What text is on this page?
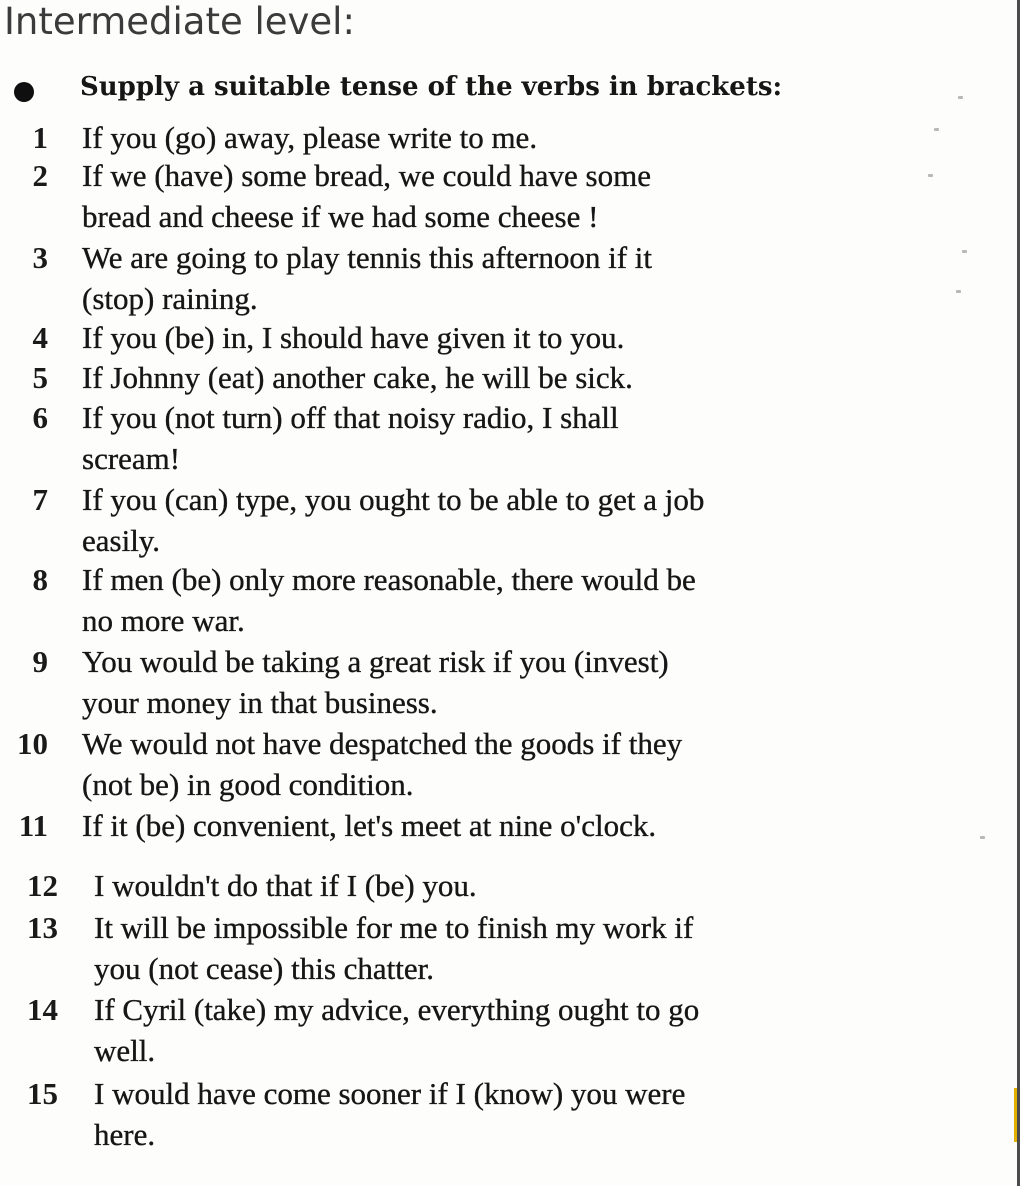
Intermediate level:
Supply a suitable tense of the verbs in brackets:
1 If you (go) away, please write to me.
2 If we (have) some bread, we could have some
bread and cheese if we had some cheese !
3 We are going to play tennis this afternoon if it
(stop) raining.
4 If you (be) in, I should have given it to you.
5 If Johnny (eat) another cake, he will be sick.
6 If you (not turn) off that noisy radio, I shall
scream!
7 If you (can) type, you ought to be able to get a job
easily.
8 If men (be) only more reasonable, there would be
no more war.
9 You would be taking a great risk if you (invest)
your money in that business.
10 We would not have despatched the goods if they
(not be) in good condition.
11 If it (be) convenient, let's meet at nine o'clock.
12 I wouldn't do that if I (be) you.
13 It will be impossible for me to finish my work if
you (not cease) this chatter.
14 If Cyril (take) my advice, everything ought to go
well.
15 I would have come sooner if I (know) you were
here.
